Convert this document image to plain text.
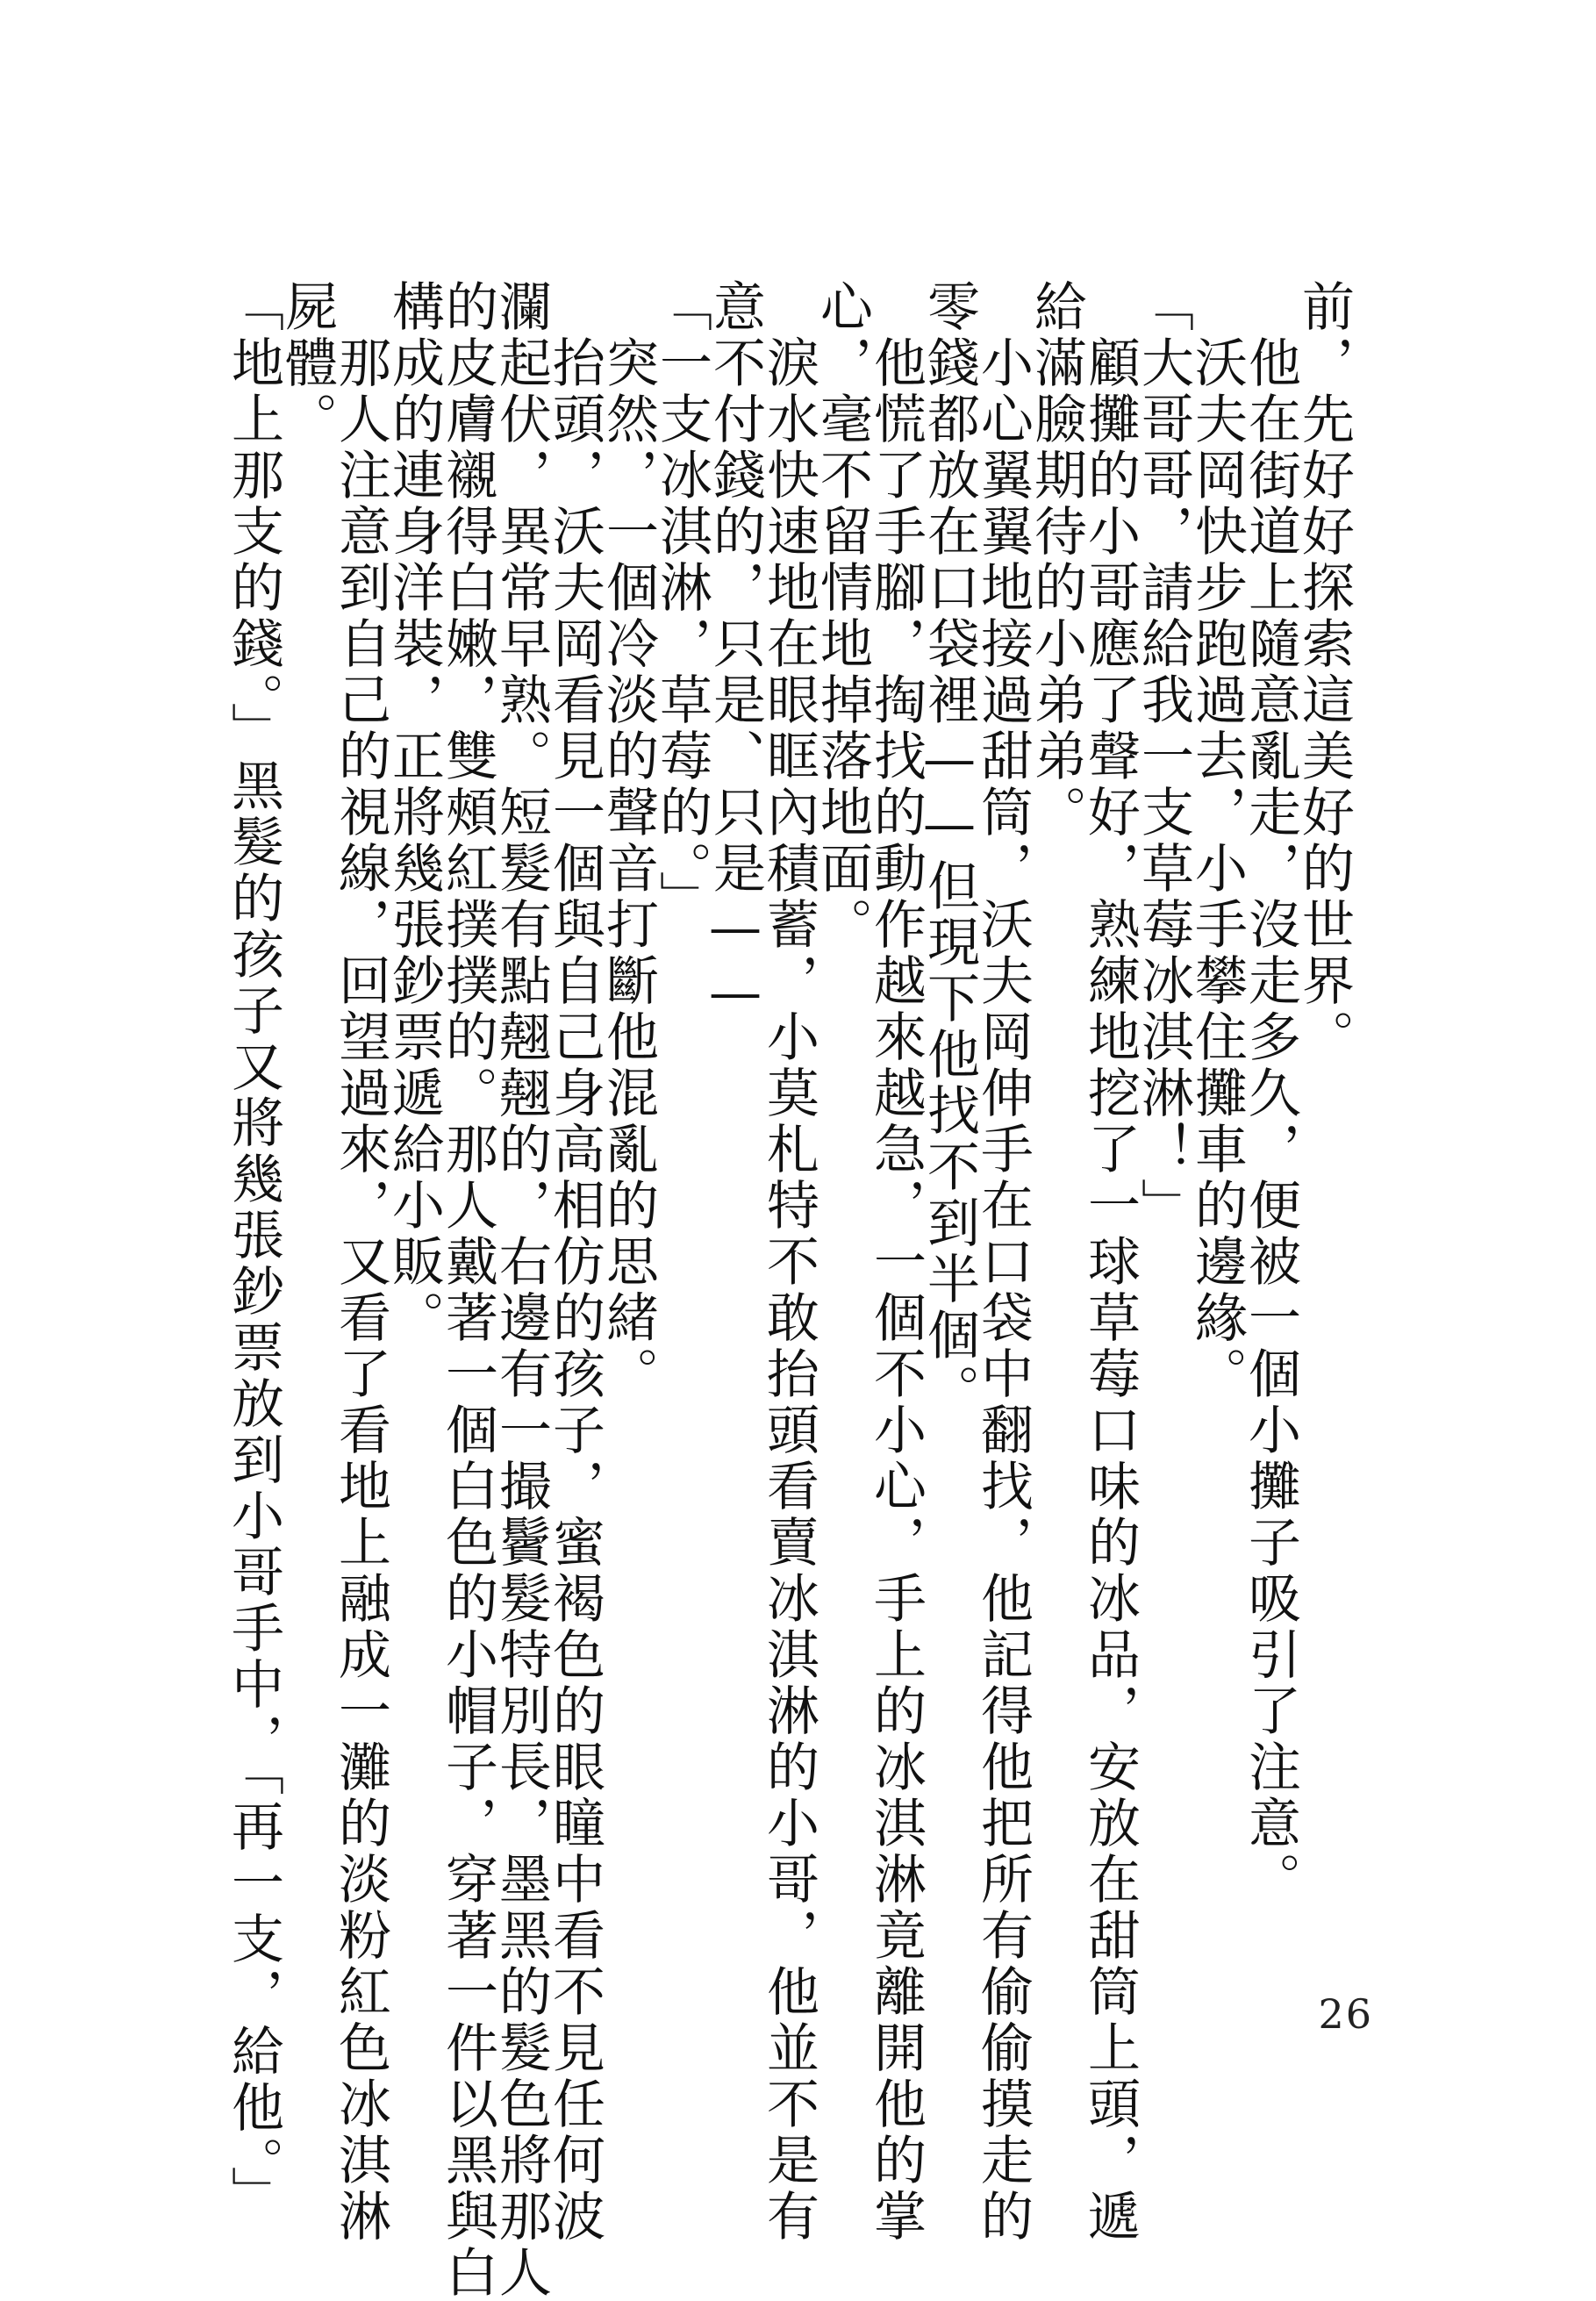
前，先好好探索這美好的世界。
　他在街道上隨意亂走，沒走多久，便被一個小攤子吸引了注意。
　沃夫岡快步跑過去，小手攀住攤車的邊緣。
「大哥哥，請給我一支草莓冰淇淋！」
　顧攤的小哥應了聲好，熟練地挖了一球草莓口味的冰品，安放在甜筒上頭，遞
給滿臉期待的小弟弟。
　小心翼翼地接過甜筒，沃夫岡伸手在口袋中翻找，他記得他把所有偷偷摸走的
零錢都放在口袋裡——但現下他找不到半個。
　他慌了手腳，掏找的動作越來越急，一個不小心，手上的冰淇淋竟離開他的掌
心，毫不留情地掉落地面。
　淚水快速地在眼眶內積蓄，小莫札特不敢抬頭看賣冰淇淋的小哥，他並不是有
意不付錢的，只是、只是——
「一支冰淇淋，草莓的。」
　突然，一個冷淡的聲音打斷他混亂的思緒。
　抬頭，沃夫岡看見一個與自己身高相仿的孩子，蜜褐色的眼瞳中看不見任何波
瀾起伏，異常早熟。短髮有點翹翹的，右邊有一撮鬢髮特別長，墨黑的髮色將那人
的皮膚襯得白嫩，雙頰紅撲撲的。那人戴著一個白色的小帽子，穿著一件以黑與白
構成的連身洋裝，正將幾張鈔票遞給小販。
　那人注意到自己的視線，回望過來，又看了看地上融成一灘的淡粉紅色冰淇淋
屍體。
「地上那支的錢。」黑髮的孩子又將幾張鈔票放到小哥手中，「再一支，給他。」	26
